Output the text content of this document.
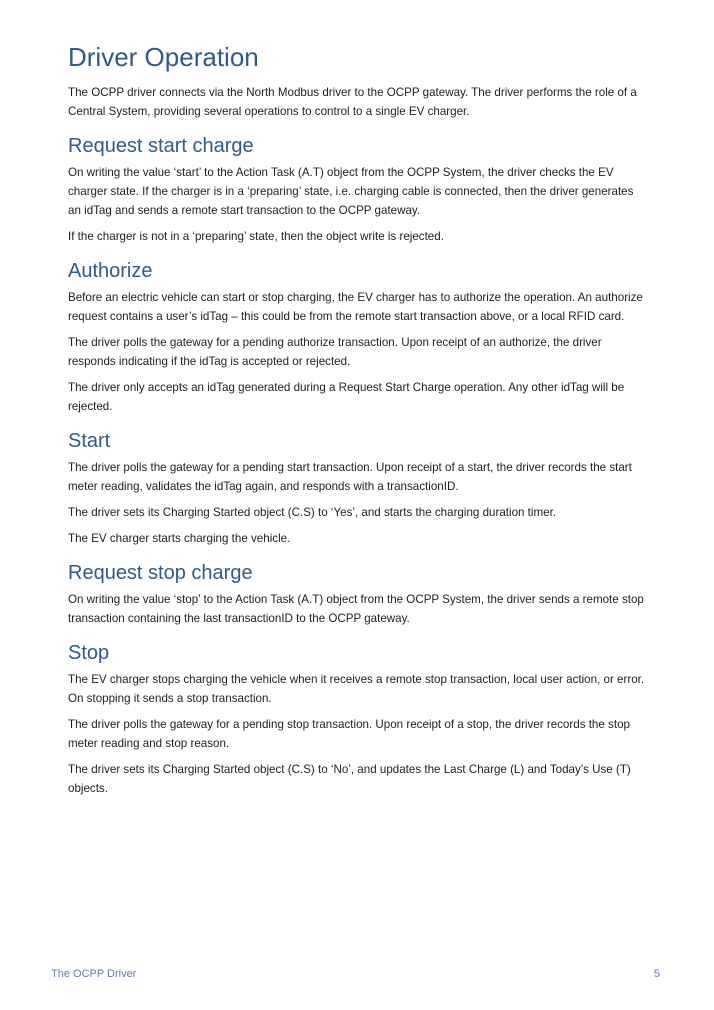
Driver Operation

The OCPP driver connects via the North Modbus driver to the OCPP gateway. The driver performs the role of a Central System, providing several operations to control to a single EV charger.

Request start charge

On writing the value ‘start’ to the Action Task (A.T) object from the OCPP System, the driver checks the EV charger state. If the charger is in a ‘preparing’ state, i.e. charging cable is connected, then the driver generates an idTag and sends a remote start transaction to the OCPP gateway.

If the charger is not in a ‘preparing’ state, then the object write is rejected.

Authorize

Before an electric vehicle can start or stop charging, the EV charger has to authorize the operation. An authorize request contains a user’s idTag – this could be from the remote start transaction above, or a local RFID card.

The driver polls the gateway for a pending authorize transaction. Upon receipt of an authorize, the driver responds indicating if the idTag is accepted or rejected.

The driver only accepts an idTag generated during a Request Start Charge operation. Any other idTag will be rejected.

Start

The driver polls the gateway for a pending start transaction. Upon receipt of a start, the driver records the start meter reading, validates the idTag again, and responds with a transactionID.

The driver sets its Charging Started object (C.S) to ‘Yes’, and starts the charging duration timer.

The EV charger starts charging the vehicle.

Request stop charge

On writing the value ‘stop’ to the Action Task (A.T) object from the OCPP System, the driver sends a remote stop transaction containing the last transactionID to the OCPP gateway.

Stop

The EV charger stops charging the vehicle when it receives a remote stop transaction, local user action, or error. On stopping it sends a stop transaction.

The driver polls the gateway for a pending stop transaction. Upon receipt of a stop, the driver records the stop meter reading and stop reason.

The driver sets its Charging Started object (C.S) to ‘No’, and updates the Last Charge (L) and Today’s Use (T) objects.

The OCPP Driver	5
